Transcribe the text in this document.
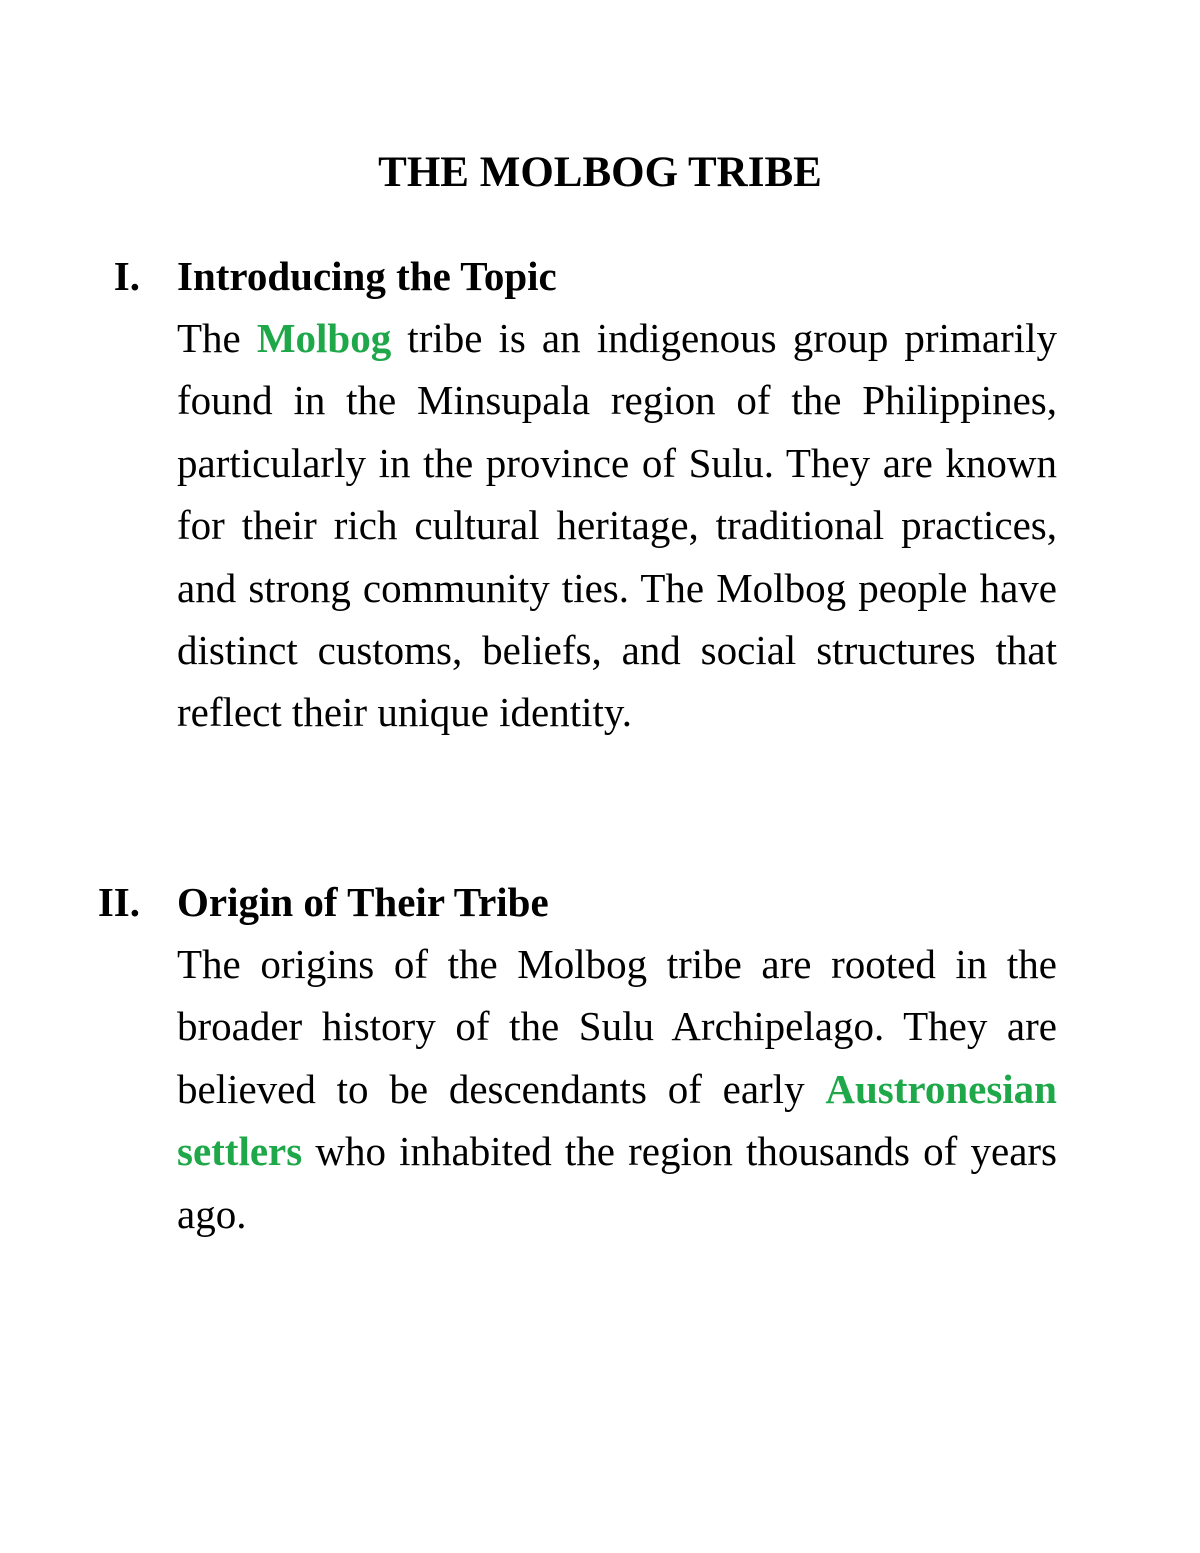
THE MOLBOG TRIBE
I. Introducing the Topic

The Molbog tribe is an indigenous group primarily found in the Minsupala region of the Philippines, particularly in the province of Sulu. They are known for their rich cultural heritage, traditional practices, and strong community ties. The Molbog people have distinct customs, beliefs, and social structures that reflect their unique identity.

II. Origin of Their Tribe

The origins of the Molbog tribe are rooted in the broader history of the Sulu Archipelago. They are believed to be descendants of early Austronesian settlers who inhabited the region thousands of years ago.
